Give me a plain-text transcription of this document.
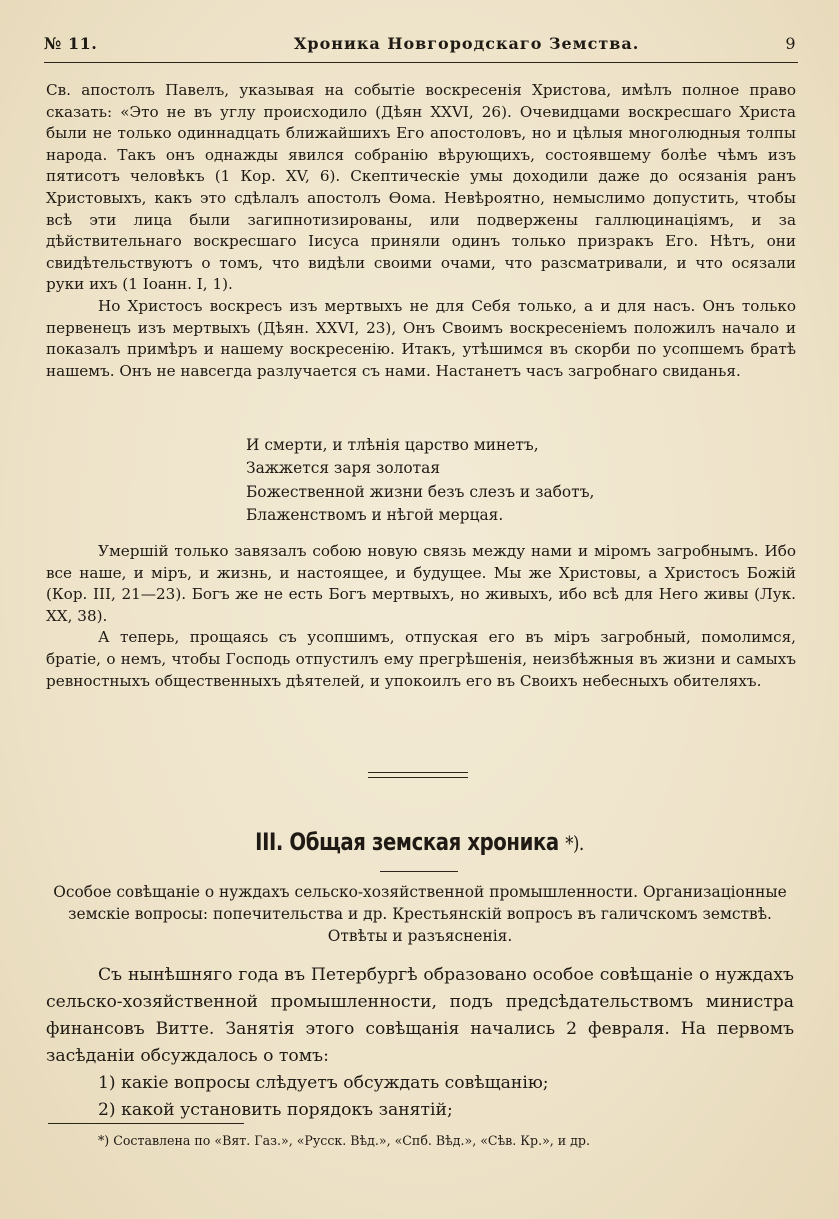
№ 11.	Хроника Новгородскаго Земства.	9

Св. апостолъ Павелъ, указывая на событіе воскресенія Христова, имѣлъ полное право сказать: «Это не въ углу происходило (Дѣян XXVI, 26). Очевидцами воскресшаго Христа были не только одиннадцать ближайшихъ Его апостоловъ, но и цѣлыя многолюдныя толпы народа. Такъ онъ однажды явился собранію вѣрующихъ, состоявшему болѣе чѣмъ изъ пятисотъ человѣкъ (1 Кор. XV, 6). Скептическіе умы доходили даже до осязанія ранъ Христовыхъ, какъ это сдѣлалъ апостолъ Ѳома. Невѣроятно, немыслимо допустить, чтобы всѣ эти лица были загипнотизированы, или подвержены галлюцинаціямъ, и за дѣйствительнаго воскресшаго Іисуса приняли одинъ только призракъ Его. Нѣтъ, они свидѣтельствуютъ о томъ, что видѣли своими очами, что разсматривали, и что осязали руки ихъ (1 Іоанн. I, 1).

Но Христосъ воскресъ изъ мертвыхъ не для Себя только, а и для насъ. Онъ только первенецъ изъ мертвыхъ (Дѣян. XXVI, 23), Онъ Своимъ воскресеніемъ положилъ начало и показалъ примѣръ и нашему воскресенію. Итакъ, утѣшимся въ скорби по усопшемъ братѣ нашемъ. Онъ не навсегда разлучается съ нами. Настанетъ часъ загробнаго свиданья.

И смерти, и тлѣнія царство минетъ,
Зажжется заря золотая
Божественной жизни безъ слезъ и заботъ,
Блаженствомъ и нѣгой мерцая.

Умершій только завязалъ собою новую связь между нами и міромъ загробнымъ. Ибо все наше, и міръ, и жизнь, и настоящее, и будущее. Мы же Христовы, а Христосъ Божій (Кор. III, 21—23). Богъ же не есть Богъ мертвыхъ, но живыхъ, ибо всѣ для Него живы (Лук. XX, 38).

А теперь, прощаясь съ усопшимъ, отпуская его въ міръ загробный, помолимся, братіе, о немъ, чтобы Господь отпустилъ ему прегрѣшенія, неизбѣжныя въ жизни и самыхъ ревностныхъ общественныхъ дѣятелей, и упокоилъ его въ Своихъ небесныхъ обителяхъ.

III. Общая земская хроника *).
Особое совѣщаніе о нуждахъ сельско-хозяйственной промышленности. Организаціонные земскіе вопросы: попечительства и др. Крестьянскій вопросъ въ галичскомъ земствѣ. Отвѣты и разъясненія.

Съ нынѣшняго года въ Петербургѣ образовано особое совѣщаніе о нуждахъ сельско-хозяйственной промышленности, подъ предсѣдательствомъ министра финансовъ Витте. Занятія этого совѣщанія начались 2 февраля. На первомъ засѣданіи обсуждалось о томъ:

1) какіе вопросы слѣдуетъ обсуждать совѣщанію;

2) какой установить порядокъ занятій;

*) Составлена по «Вят. Газ.», «Русск. Вѣд.», «Спб. Вѣд.», «Сѣв. Кр.», и др.
